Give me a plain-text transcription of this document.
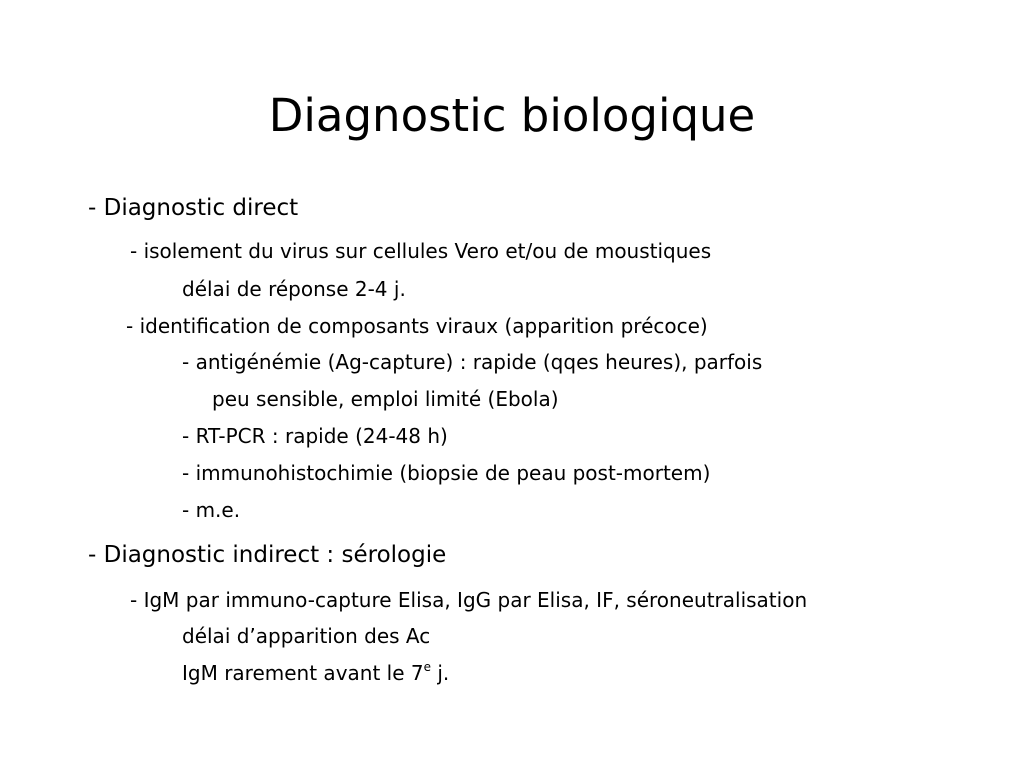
Diagnostic biologique
- Diagnostic direct
- isolement du virus sur cellules Vero et/ou de moustiques
délai de réponse 2-4 j.
- identification de composants viraux (apparition précoce)
- antigénémie (Ag-capture) : rapide (qqes heures), parfois
peu sensible, emploi limité (Ebola)
- RT-PCR : rapide (24-48 h)
- immunohistochimie (biopsie de peau post-mortem)
- m.e.
- Diagnostic indirect : sérologie
- IgM par immuno-capture Elisa, IgG par Elisa, IF, séroneutralisation
délai d’apparition des Ac
IgM rarement avant le 7e j.
